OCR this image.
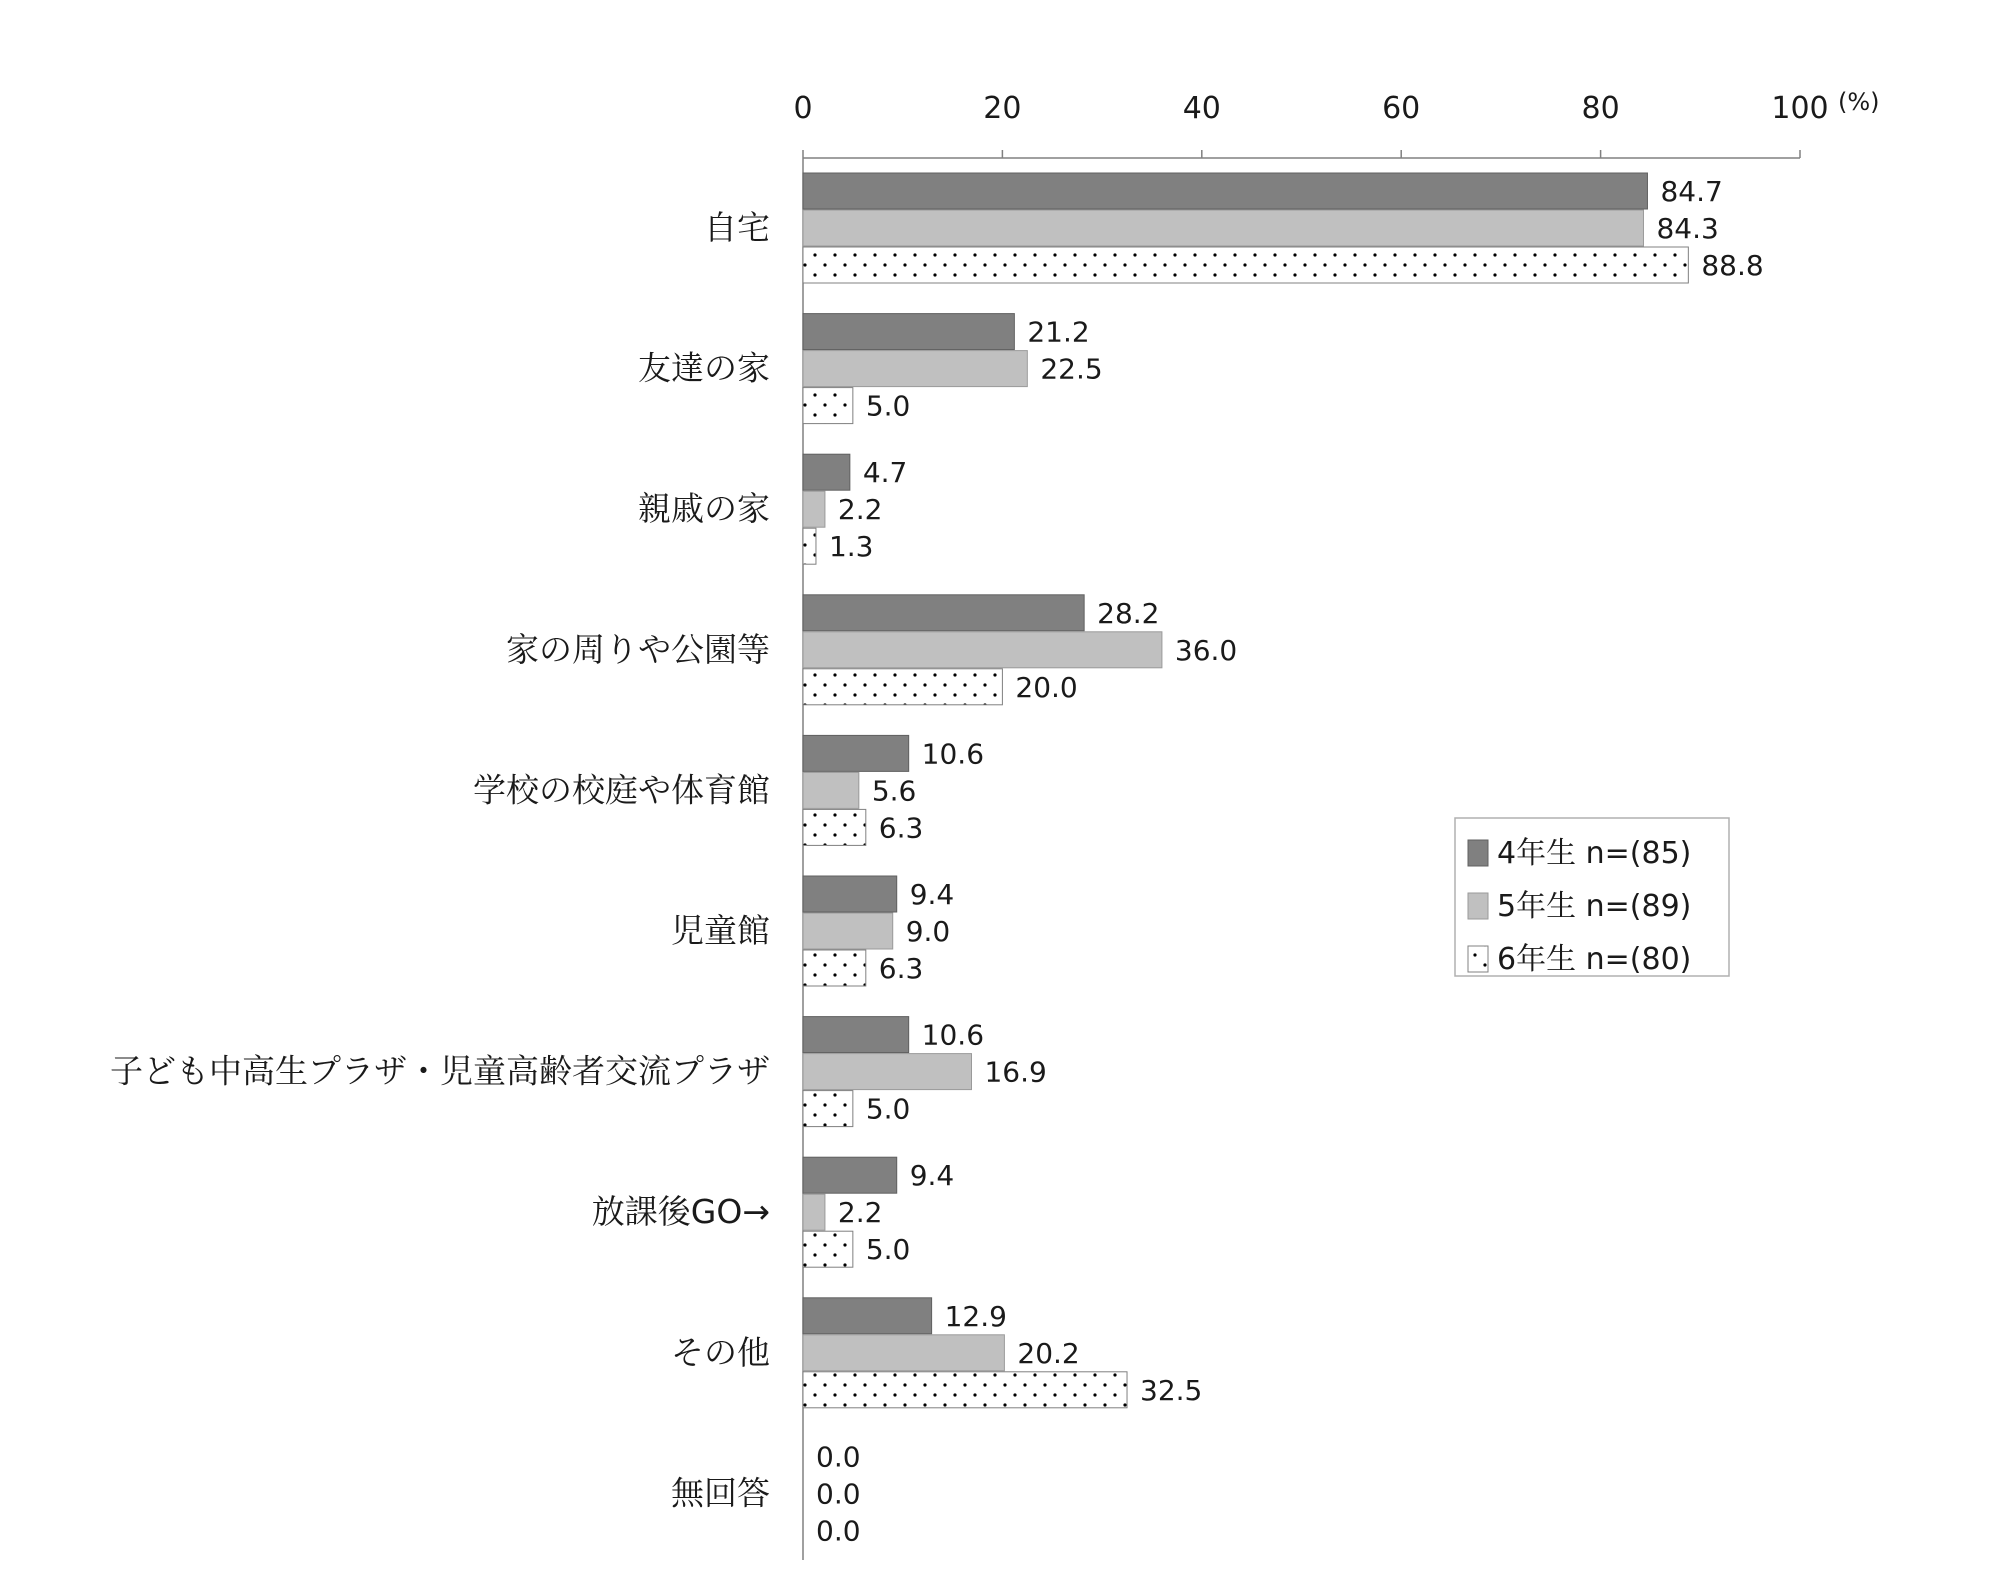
0	20	40	60	80	100 (%)
自宅
84.7
84.3
88.8
友達の家
21.2
22.5
5.0
親戚の家
4.7
2.2
1.3
家の周りや公園等
28.2
36.0
20.0
学校の校庭や体育館
10.6
5.6
6.3
児童館
9.4
9.0
6.3
子ども中高生プラザ・児童高齢者交流プラザ
10.6
16.9
5.0
放課後GO→
9.4
2.2
5.0
その他
12.9
20.2
32.5
無回答
0.0
0.0
0.0
4年生 n=(85)
5年生 n=(89)
6年生 n=(80)
